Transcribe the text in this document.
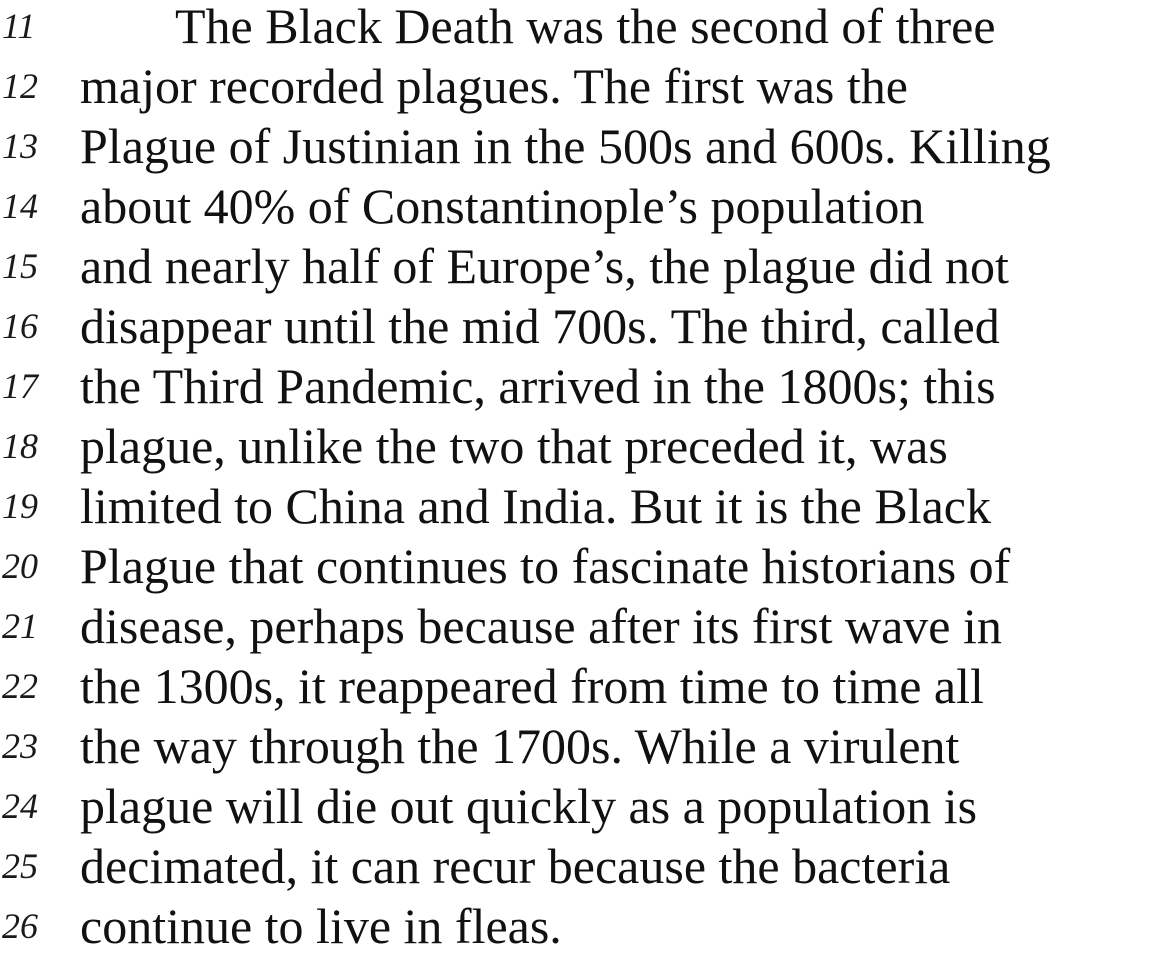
11	The Black Death was the second of three
12 major recorded plagues. The first was the
13 Plague of Justinian in the 500s and 600s. Killing
14 about 40% of Constantinople’s population
15 and nearly half of Europe’s, the plague did not
16 disappear until the mid 700s. The third, called
17 the Third Pandemic, arrived in the 1800s; this
18 plague, unlike the two that preceded it, was
19 limited to China and India. But it is the Black
20 Plague that continues to fascinate historians of
21 disease, perhaps because after its first wave in
22 the 1300s, it reappeared from time to time all
23 the way through the 1700s. While a virulent
24 plague will die out quickly as a population is
25 decimated, it can recur because the bacteria
26 continue to live in fleas.
